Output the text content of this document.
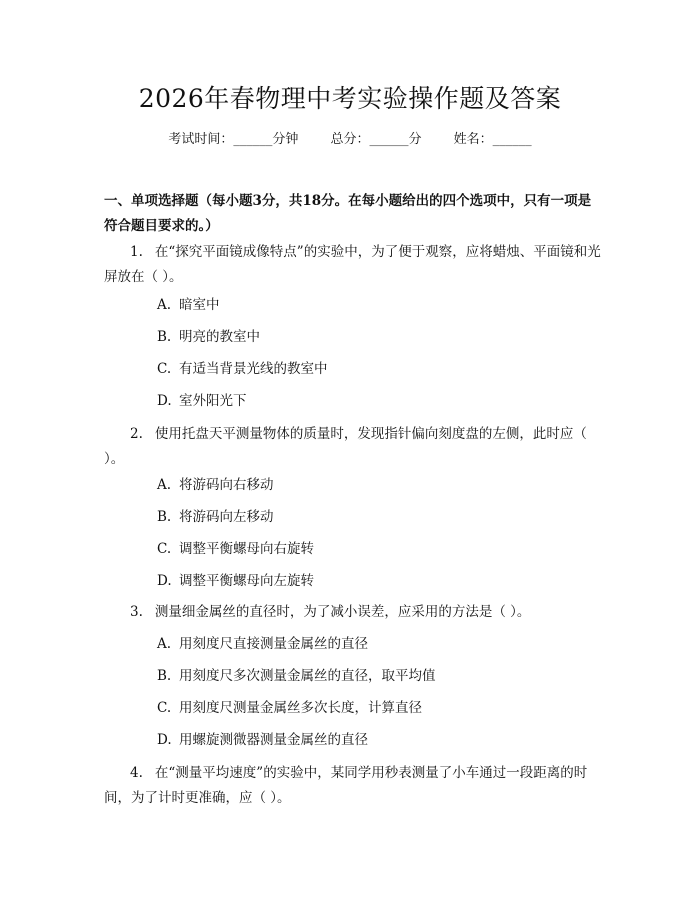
2026年春物理中考实验操作题及答案
考试时间：______分钟 总分：______分 姓名：______
一、单项选择题（每小题3分，共18分。在每小题给出的四个选项中，只有一项是符合题目要求的。）
1. 在“探究平面镜成像特点”的实验中，为了便于观察，应将蜡烛、平面镜和光屏放在（ ）。
A. 暗室中
B. 明亮的教室中
C. 有适当背景光线的教室中
D. 室外阳光下
2. 使用托盘天平测量物体的质量时，发现指针偏向刻度盘的左侧，此时应（ ）。
A. 将游码向右移动
B. 将游码向左移动
C. 调整平衡螺母向右旋转
D. 调整平衡螺母向左旋转
3. 测量细金属丝的直径时，为了减小误差，应采用的方法是（ ）。
A. 用刻度尺直接测量金属丝的直径
B. 用刻度尺多次测量金属丝的直径，取平均值
C. 用刻度尺测量金属丝多次长度，计算直径
D. 用螺旋测微器测量金属丝的直径
4. 在“测量平均速度”的实验中，某同学用秒表测量了小车通过一段距离的时间，为了计时更准确，应（ ）。
